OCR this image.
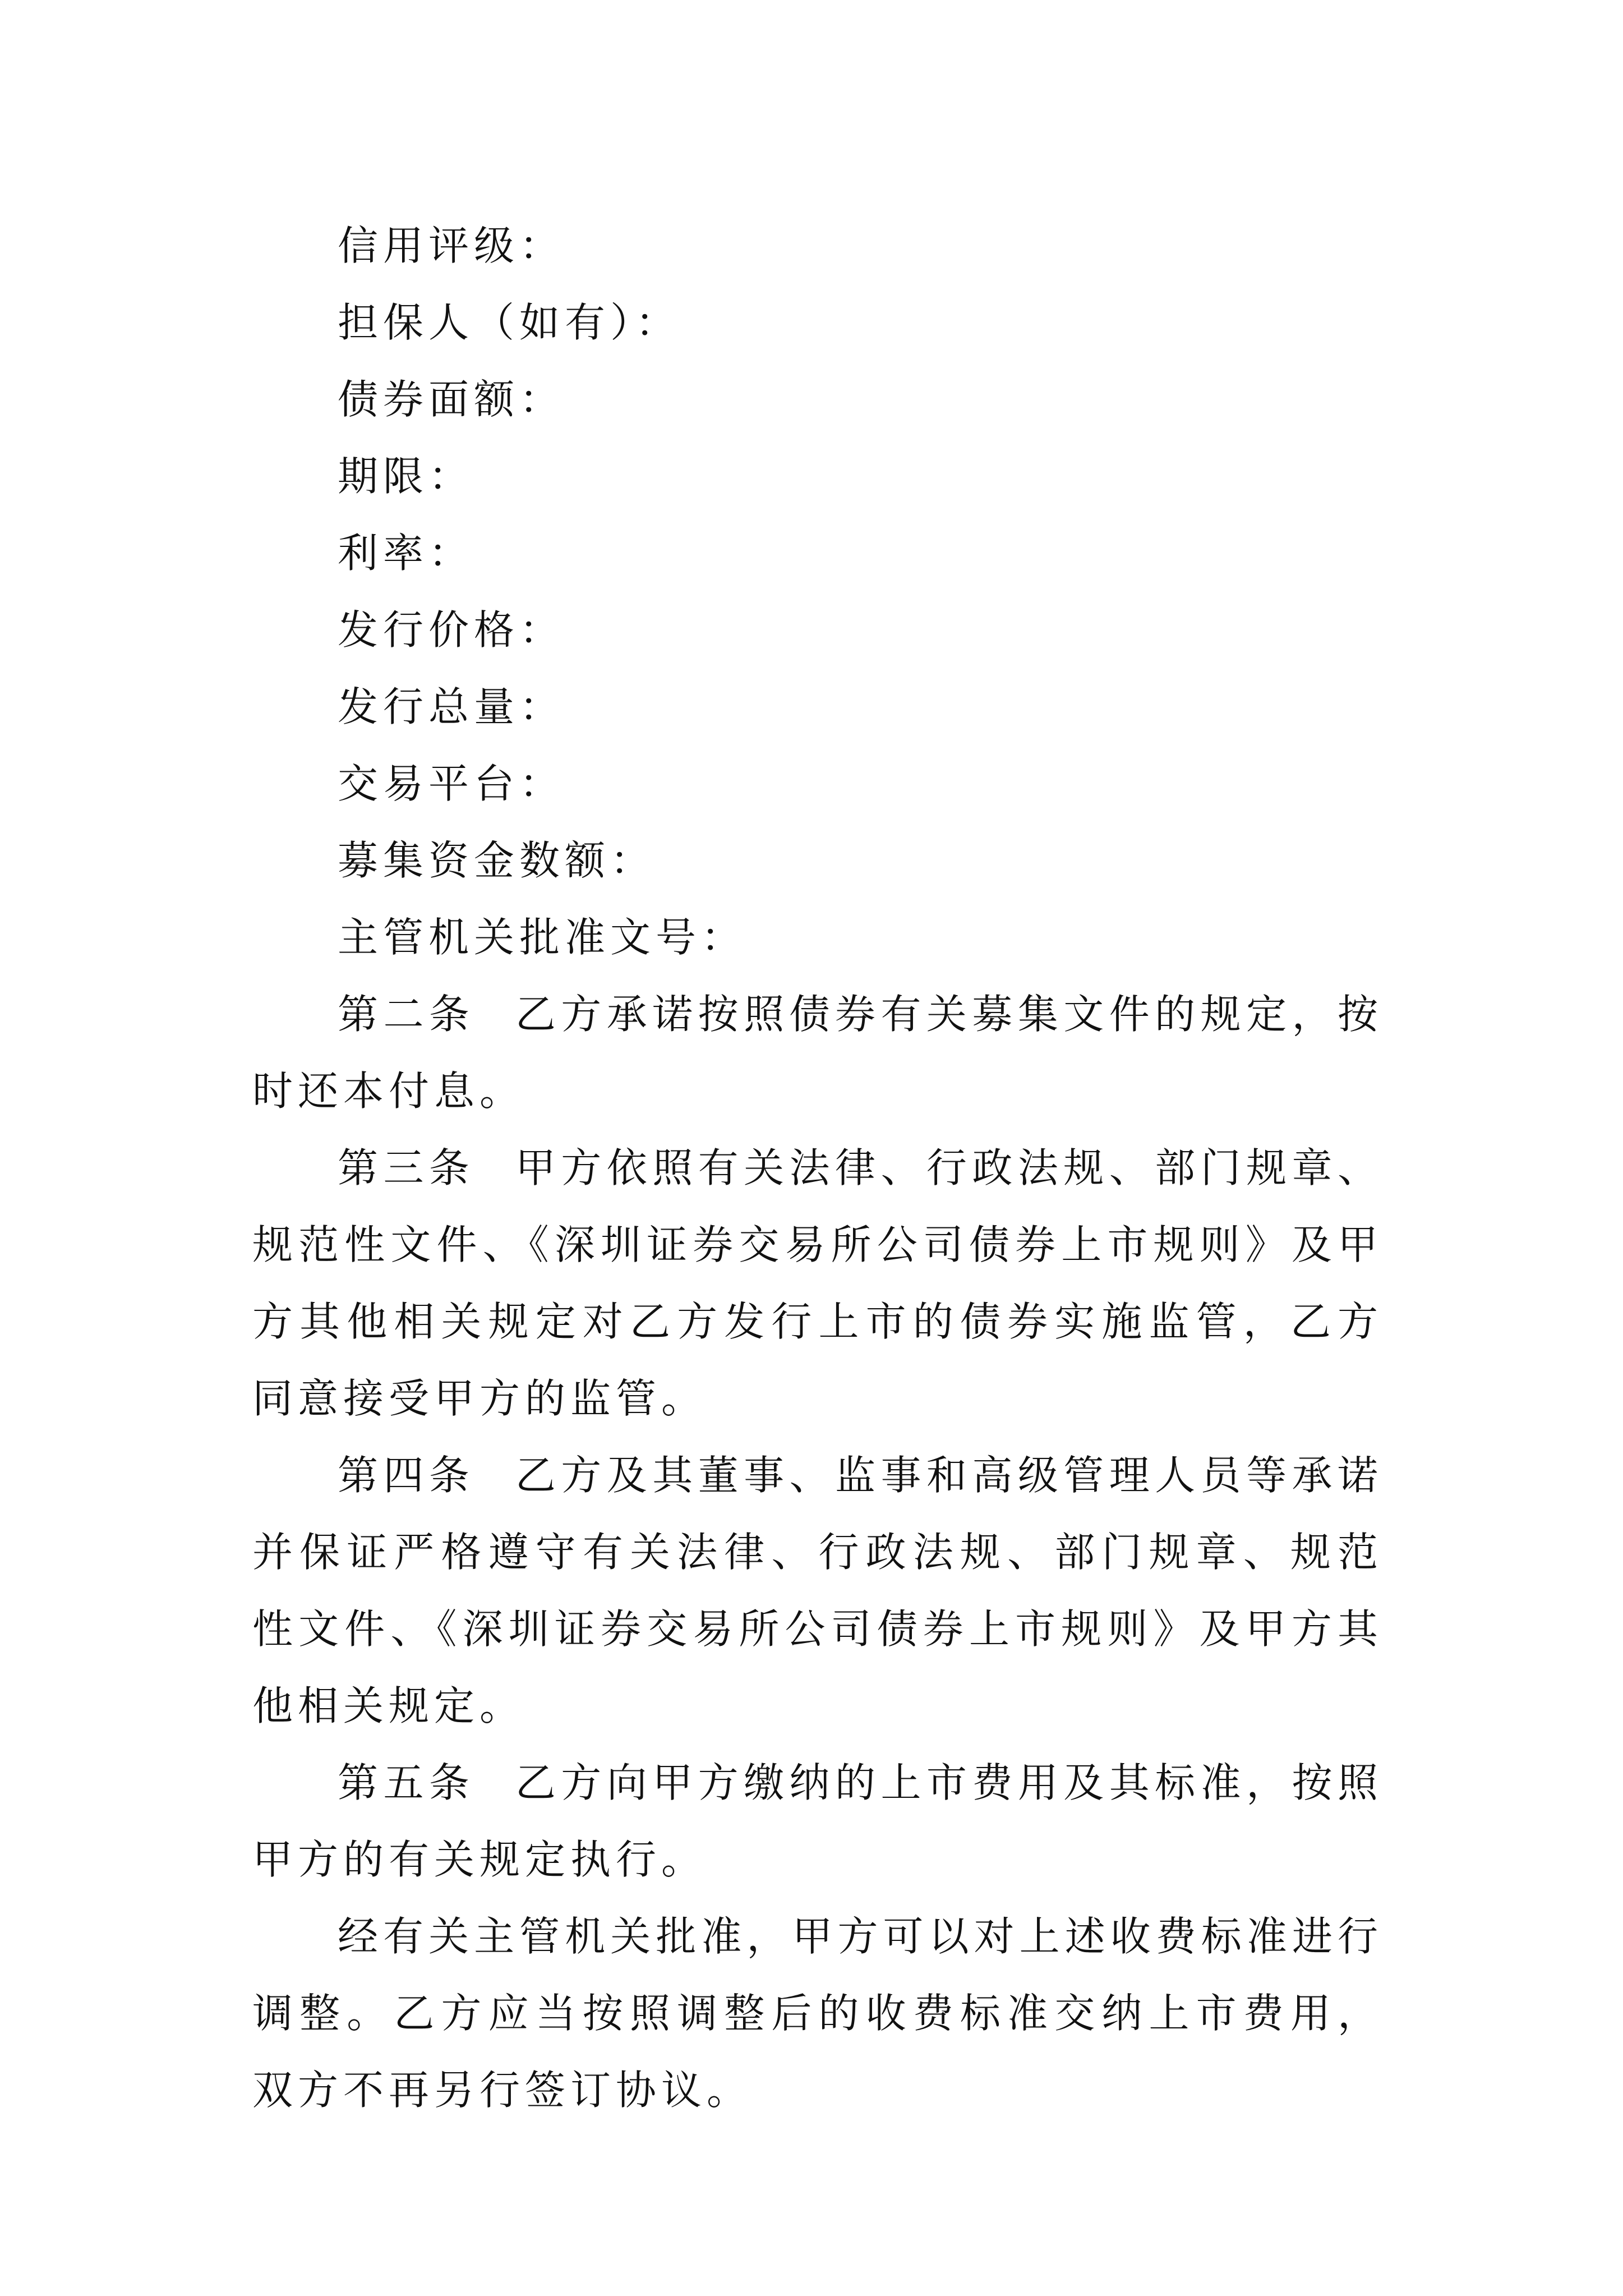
信用评级：

担保人（如有）：

债券面额：

期限：

利率：

发行价格：

发行总量：

交易平台：

募集资金数额：

主管机关批准文号：

第二条 乙方承诺按照债券有关募集文件的规定，按时还本付息。

第三条 甲方依照有关法律、行政法规、部门规章、规范性文件、《深圳证券交易所公司债券上市规则》及甲方其他相关规定对乙方发行上市的债券实施监管，乙方同意接受甲方的监管。

第四条 乙方及其董事、监事和高级管理人员等承诺并保证严格遵守有关法律、行政法规、部门规章、规范性文件、《深圳证券交易所公司债券上市规则》及甲方其他相关规定。

第五条 乙方向甲方缴纳的上市费用及其标准，按照甲方的有关规定执行。

经有关主管机关批准，甲方可以对上述收费标准进行调整。乙方应当按照调整后的收费标准交纳上市费用，双方不再另行签订协议。
